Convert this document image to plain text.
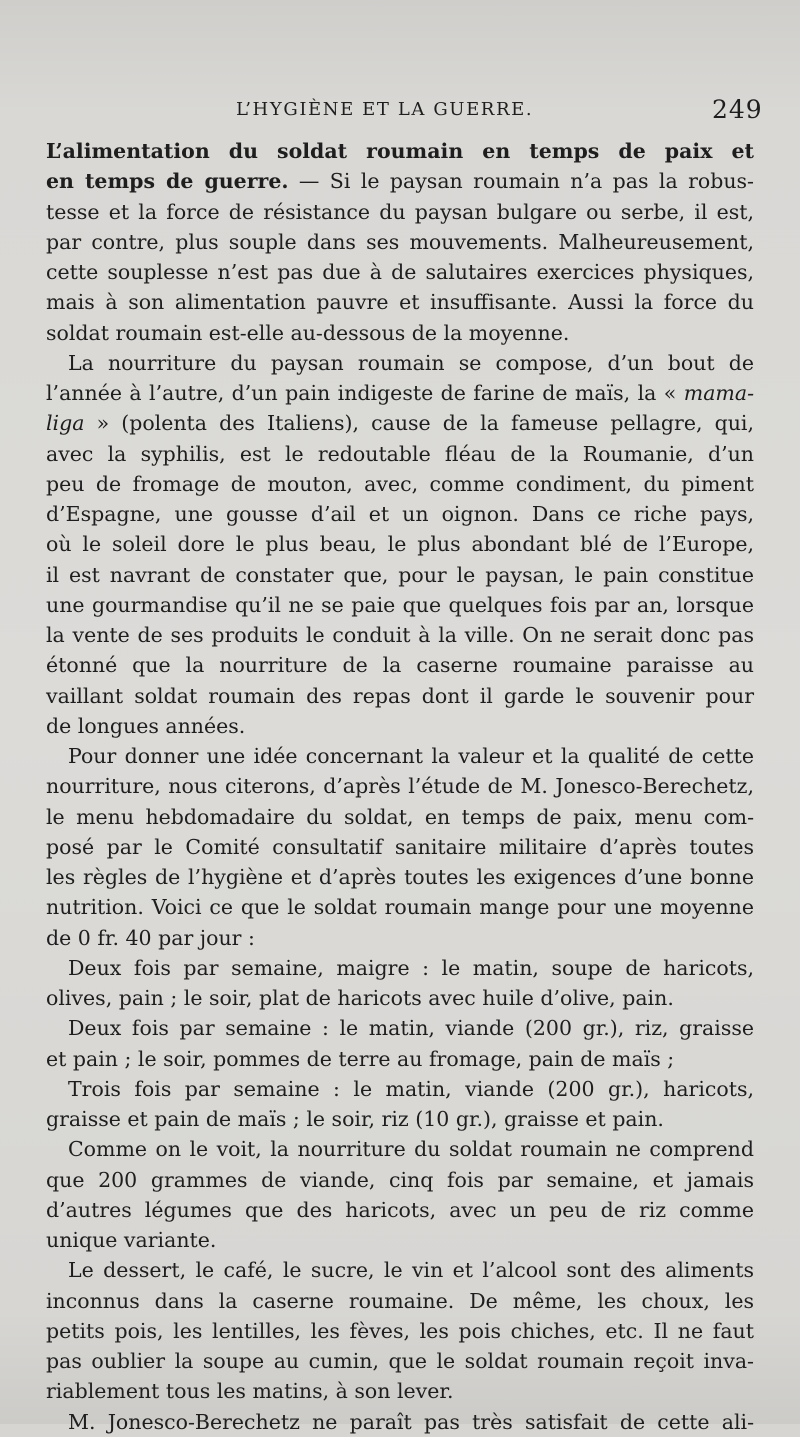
L’HYGIÈNE ET LA GUERRE.	249
L’alimentation du soldat roumain en temps de paix et
en temps de guerre. — Si le paysan roumain n’a pas la robus-
tesse et la force de résistance du paysan bulgare ou serbe, il est,
par contre, plus souple dans ses mouvements. Malheureusement,
cette souplesse n’est pas due à de salutaires exercices physiques,
mais à son alimentation pauvre et insuffisante. Aussi la force du
soldat roumain est-elle au-dessous de la moyenne.
La nourriture du paysan roumain se compose, d’un bout de
l’année à l’autre, d’un pain indigeste de farine de maïs, la « mama-
liga » (polenta des Italiens), cause de la fameuse pellagre, qui,
avec la syphilis, est le redoutable fléau de la Roumanie, d’un
peu de fromage de mouton, avec, comme condiment, du piment
d’Espagne, une gousse d’ail et un oignon. Dans ce riche pays,
où le soleil dore le plus beau, le plus abondant blé de l’Europe,
il est navrant de constater que, pour le paysan, le pain constitue
une gourmandise qu’il ne se paie que quelques fois par an, lorsque
la vente de ses produits le conduit à la ville. On ne serait donc pas
étonné que la nourriture de la caserne roumaine paraisse au
vaillant soldat roumain des repas dont il garde le souvenir pour
de longues années.
Pour donner une idée concernant la valeur et la qualité de cette
nourriture, nous citerons, d’après l’étude de M. Jonesco-Berechetz,
le menu hebdomadaire du soldat, en temps de paix, menu com-
posé par le Comité consultatif sanitaire militaire d’après toutes
les règles de l’hygiène et d’après toutes les exigences d’une bonne
nutrition. Voici ce que le soldat roumain mange pour une moyenne
de 0 fr. 40 par jour :
Deux fois par semaine, maigre : le matin, soupe de haricots,
olives, pain ; le soir, plat de haricots avec huile d’olive, pain.
Deux fois par semaine : le matin, viande (200 gr.), riz, graisse
et pain ; le soir, pommes de terre au fromage, pain de maïs ;
Trois fois par semaine : le matin, viande (200 gr.), haricots,
graisse et pain de maïs ; le soir, riz (10 gr.), graisse et pain.
Comme on le voit, la nourriture du soldat roumain ne comprend
que 200 grammes de viande, cinq fois par semaine, et jamais
d’autres légumes que des haricots, avec un peu de riz comme
unique variante.
Le dessert, le café, le sucre, le vin et l’alcool sont des aliments
inconnus dans la caserne roumaine. De même, les choux, les
petits pois, les lentilles, les fèves, les pois chiches, etc. Il ne faut
pas oublier la soupe au cumin, que le soldat roumain reçoit inva-
riablement tous les matins, à son lever.
M. Jonesco-Berechetz ne paraît pas très satisfait de cette ali-
